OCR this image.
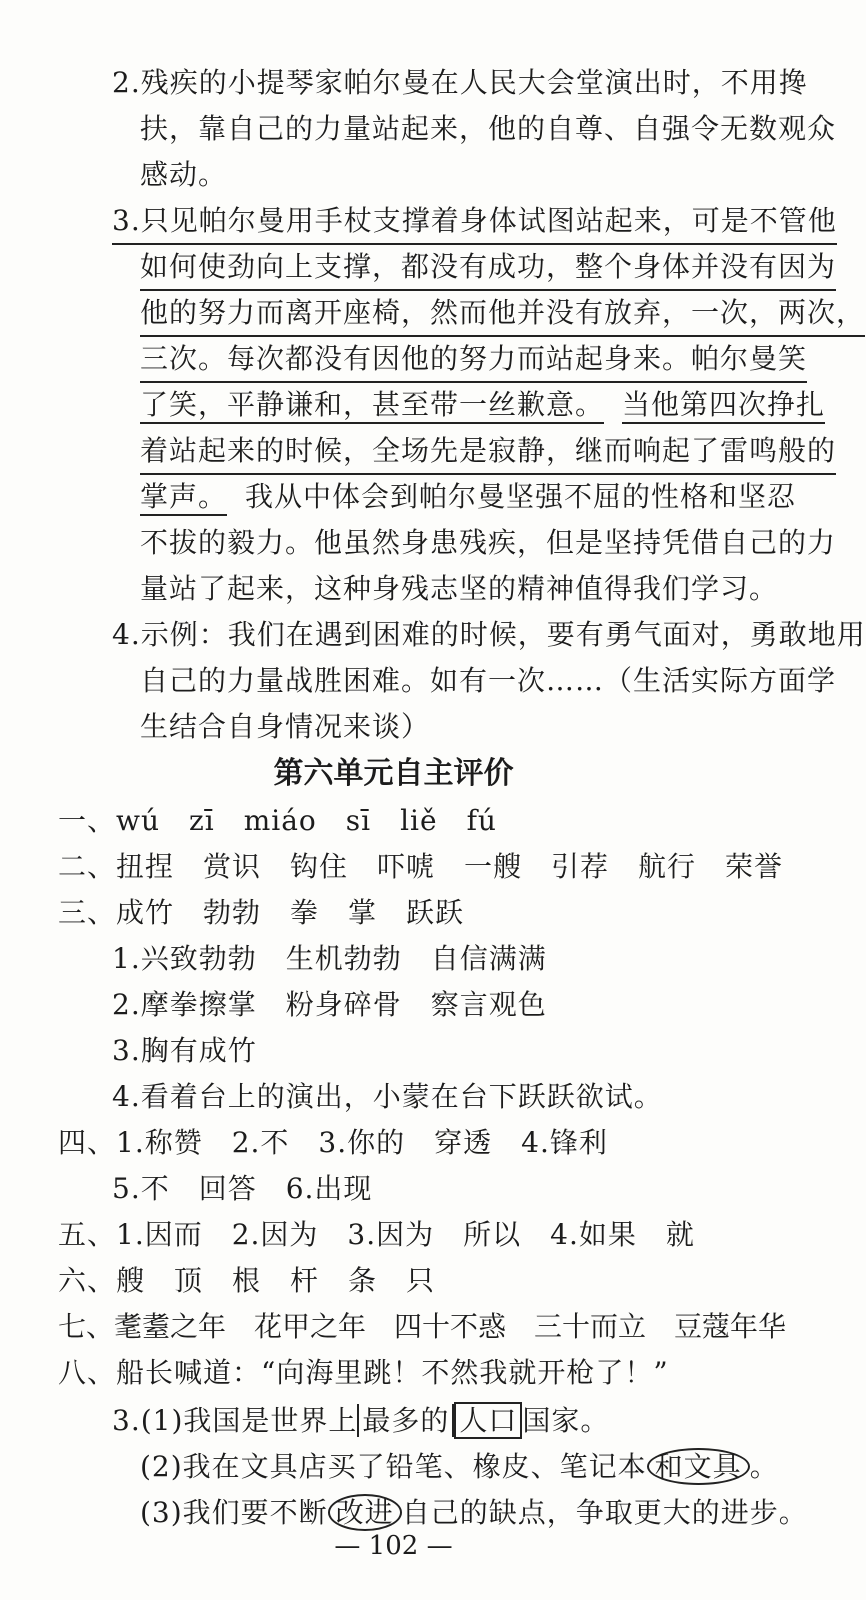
2.残疾的小提琴家帕尔曼在人民大会堂演出时，不用搀
扶，靠自己的力量站起来，他的自尊、自强令无数观众
感动。
3.只见帕尔曼用手杖支撑着身体试图站起来，可是不管他
如何使劲向上支撑，都没有成功，整个身体并没有因为
他的努力而离开座椅，然而他并没有放弃，一次，两次，
三次。每次都没有因他的努力而站起身来。帕尔曼笑
了笑，平静谦和，甚至带一丝歉意。 当他第四次挣扎
着站起来的时候，全场先是寂静，继而响起了雷鸣般的
掌声。 我从中体会到帕尔曼坚强不屈的性格和坚忍
不拔的毅力。他虽然身患残疾，但是坚持凭借自己的力
量站了起来，这种身残志坚的精神值得我们学习。
4.示例：我们在遇到困难的时候，要有勇气面对，勇敢地用
自己的力量战胜困难。如有一次……（生活实际方面学
生结合自身情况来谈）
第六单元自主评价
一、wú　zī　miáo　sī　liě　fú
二、扭捏　赏识　钩住　吓唬　一艘　引荐　航行　荣誉
三、成竹　勃勃　拳　掌　跃跃
1.兴致勃勃　生机勃勃　自信满满
2.摩拳擦掌　粉身碎骨　察言观色
3.胸有成竹
4.看着台上的演出，小蒙在台下跃跃欲试。
四、1.称赞　2.不　3.你的　穿透　4.锋利
5.不　回答　6.出现
五、1.因而　2.因为　3.因为　所以　4.如果　就
六、艘　顶　根　杆　条　只
七、耄耋之年　花甲之年　四十不惑　三十而立　豆蔻年华
八、船长喊道：“向海里跳！不然我就开枪了！”
3.(1)我国是世界上 最多的 人口 国家。
(2)我在文具店买了铅笔、橡皮、笔记本 和文具 。
(3)我们要不断 改进 自己的缺点，争取更大的进步。
— 102 —
